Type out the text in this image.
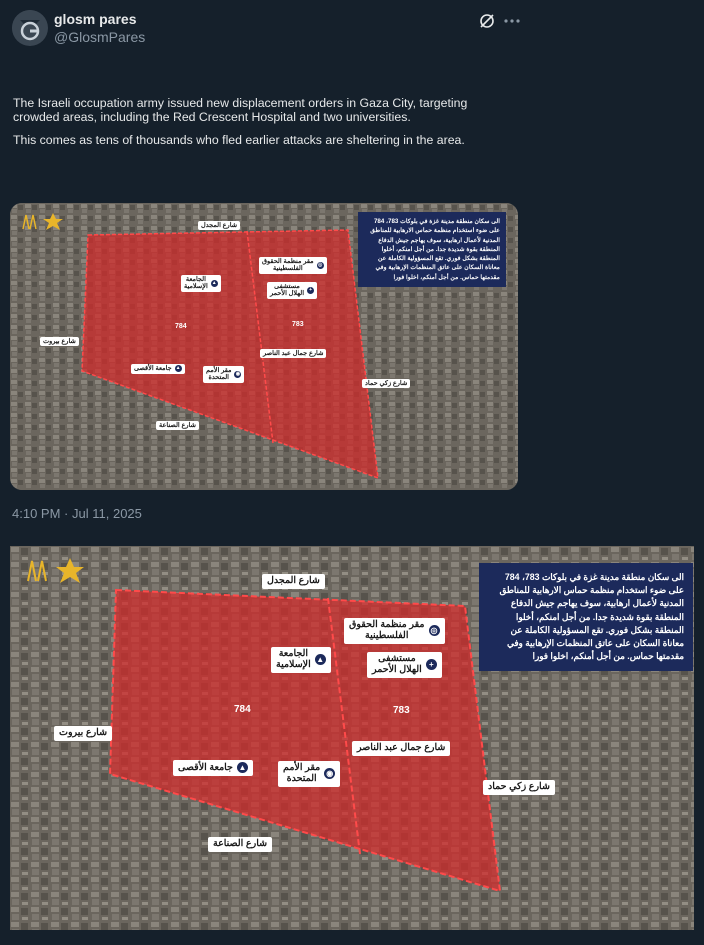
glosm pares
@GlosmPares

The Israeli occupation army issued new displacement orders in Gaza City, targeting crowded areas, including the Red Crescent Hospital and two universities.

This comes as tens of thousands who fled earlier attacks are sheltering in the area.

الى سكان منطقة مدينة غزة في بلوكات 783، 784 على ضوء استخدام منظمة حماس الارهابية للمناطق المدنية لأعمال ارهابية، سوف يهاجم جيش الدفاع المنطقة بقوة شديدة جدا. من أجل امنكم، أخلوا المنطقة بشكل فوري. تقع المسؤولية الكاملة عن معاناة السكان على عاتق المنظمات الإرهابية وفي مقدمتها حماس. من أجل أمنكم، اخلوا فورا
شارع المجدل
شارع بيروت
شارع الصناعة
شارع جمال عبد الناصر
شارع زكي حماد
◎مقر منظمة الحقوق
الفلسطينية
+مستشفى
الهلال الأحمر
▲الجامعة
الإسلامية
◉مقر الأمم
المتحدة
▲جامعة الأقصى
784	783
4:10 PM · Jul 11, 2025
الى سكان منطقة مدينة غزة في بلوكات 783، 784 على ضوء استخدام منظمة حماس الارهابية للمناطق المدنية لأعمال ارهابية، سوف يهاجم جيش الدفاع المنطقة بقوة شديدة جدا. من أجل امنكم، أخلوا المنطقة بشكل فوري. تقع المسؤولية الكاملة عن معاناة السكان على عاتق المنظمات الإرهابية وفي مقدمتها حماس. من أجل أمنكم، اخلوا فورا
شارع المجدل
شارع بيروت
شارع الصناعة
شارع جمال عبد الناصر
شارع زكي حماد
◎مقر منظمة الحقوق
الفلسطينية
+مستشفى
الهلال الأحمر
▲الجامعة
الإسلامية
◉مقر الأمم
المتحدة
▲جامعة الأقصى
784	783
